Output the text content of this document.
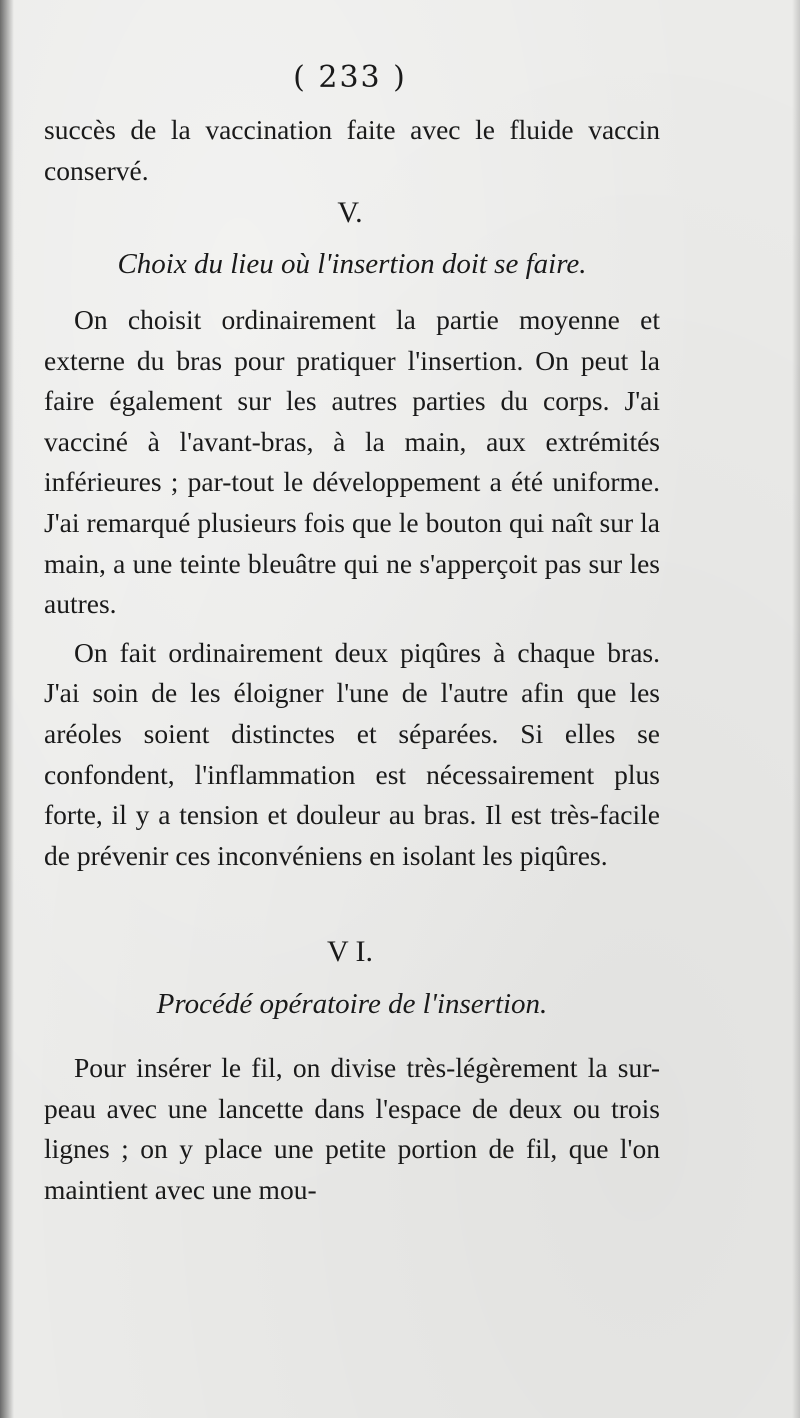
( 233 )

succès de la vaccination faite avec le fluide vaccin conservé.

V.
Choix du lieu où l'insertion doit se faire.

On choisit ordinairement la partie moyenne et externe du bras pour pratiquer l'insertion. On peut la faire également sur les autres parties du corps. J'ai vacciné à l'avant-bras, à la main, aux extrémités inférieures ; par-tout le développement a été uniforme. J'ai remarqué plusieurs fois que le bouton qui naît sur la main, a une teinte bleuâtre qui ne s'apperçoit pas sur les autres.

On fait ordinairement deux piqûres à chaque bras. J'ai soin de les éloigner l'une de l'autre afin que les aréoles soient distinctes et séparées. Si elles se confondent, l'inflammation est nécessairement plus forte, il y a tension et douleur au bras. Il est très-facile de prévenir ces inconvéniens en isolant les piqûres.

V I.
Procédé opératoire de l'insertion.

Pour insérer le fil, on divise très-légèrement la sur-peau avec une lancette dans l'espace de deux ou trois lignes ; on y place une petite portion de fil, que l'on maintient avec une mou-
